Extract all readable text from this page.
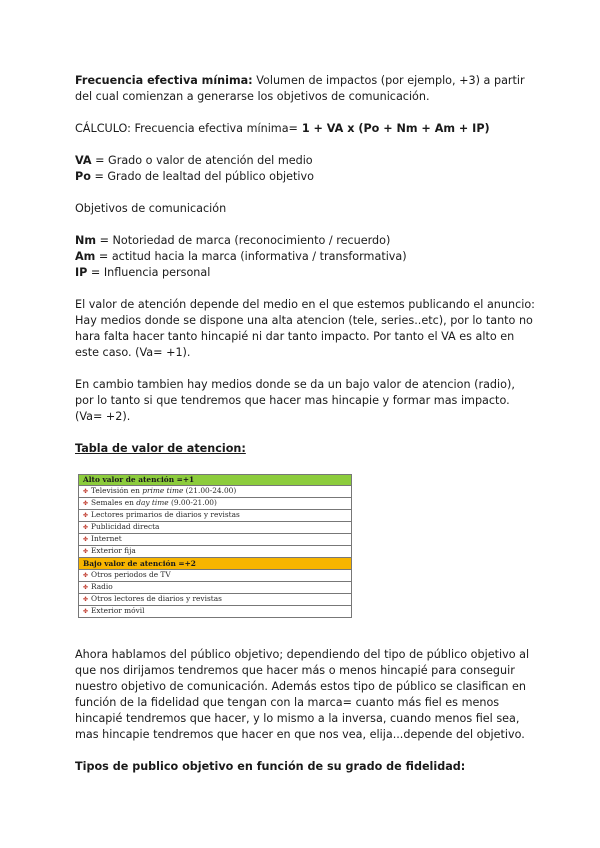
Frecuencia efectiva mínima: Volumen de impactos (por ejemplo, +3) a partir del cual comienzan a generarse los objetivos de comunicación.

CÁLCULO: Frecuencia efectiva mínima= 1 + VA x (Po + Nm + Am + IP)

VA = Grado o valor de atención del medio

Po = Grado de lealtad del público objetivo

Objetivos de comunicación

Nm = Notoriedad de marca (reconocimiento / recuerdo)

Am = actitud hacia la marca (informativa / transformativa)

IP = Influencia personal

El valor de atención depende del medio en el que estemos publicando el anuncio: Hay medios donde se dispone una alta atencion (tele, series..etc), por lo tanto no hara falta hacer tanto hincapié ni dar tanto impacto. Por tanto el VA es alto en este caso. (Va= +1).

En cambio tambien hay medios donde se da un bajo valor de atencion (radio), por lo tanto si que tendremos que hacer mas hincapie y formar mas impacto. (Va= +2).

Tabla de valor de atencion:

Alto valor de atención =+1
✤ Televisión en prime time (21.00-24.00)
✤ Semales en day time (9.00-21.00)
✤ Lectores primarios de diarios y revistas
✤ Publicidad directa
✤ Internet
✤ Exterior fija
Bajo valor de atención =+2
✤ Otros periodos de TV
✤ Radio
✤ Otros lectores de diarios y revistas
✤ Exterior móvil

Ahora hablamos del público objetivo; dependiendo del tipo de público objetivo al que nos dirijamos tendremos que hacer más o menos hincapié para conseguir nuestro objetivo de comunicación. Además estos tipo de público se clasifican en función de la fidelidad que tengan con la marca= cuanto más fiel es menos hincapié tendremos que hacer, y lo mismo a la inversa, cuando menos fiel sea, mas hincapie tendremos que hacer en que nos vea, elija...depende del objetivo.

Tipos de publico objetivo en función de su grado de fidelidad:
